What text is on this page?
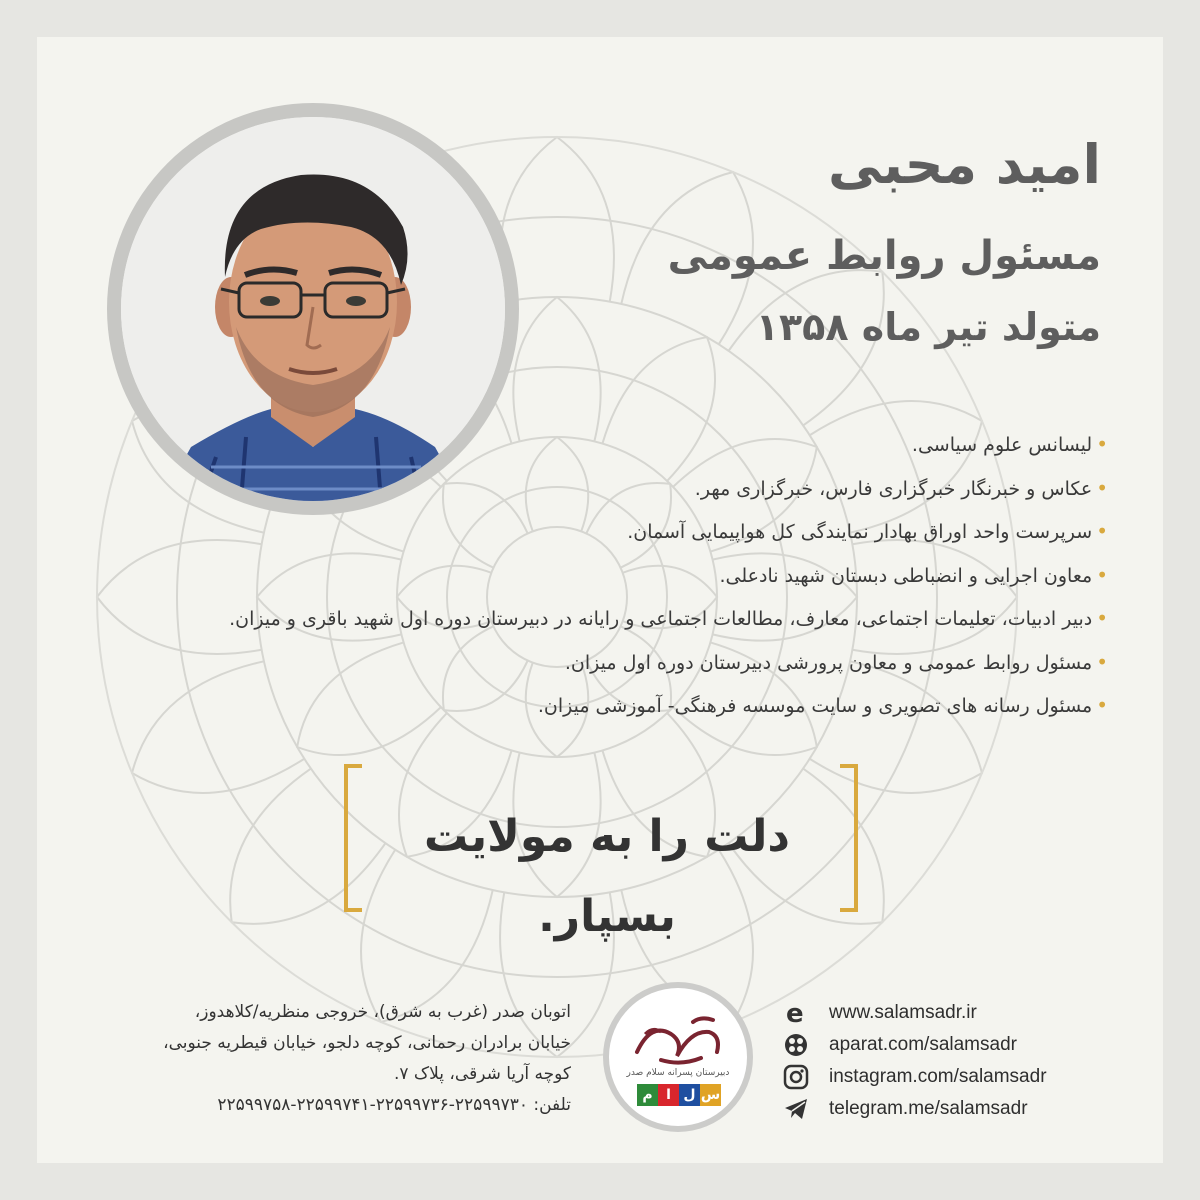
امید محبی
مسئول روابط عمومی
متولد تیر ماه ۱۳۵۸
•لیسانس علوم سیاسی.
•عکاس و خبرنگار خبرگزاری فارس، خبرگزاری مهر.
•سرپرست واحد اوراق بهادار نمایندگی کل هواپیمایی آسمان.
•معاون اجرایی و انضباطی دبستان شهید نادعلی.
•دبیر ادبیات، تعلیمات اجتماعی، معارف، مطالعات اجتماعی و رایانه در دبیرستان دوره اول شهید باقری و میزان.
•مسئول روابط عمومی و معاون پرورشی دبیرستان دوره اول میزان.
•مسئول رسانه های تصویری و سایت موسسه فرهنگی- آموزشی میزان.
دلت را به مولایت بسپار.
اتوبان صدر (غرب به شرق)، خروجی منظریه/کلاهدوز،
خیابان برادران رحمانی، کوچه دلجو، خیابان قیطریه جنوبی،
کوچه آریا شرقی، پلاک ۷.
تلفن: ۲۲۵۹۹۷۳۰-۲۲۵۹۹۷۳۶-۲۲۵۹۹۷۴۱-۲۲۵۹۹۷۵۸
دبیرستان پسرانه سلام صدر
م ا ل س
e www.salamsadr.ir
aparat.com/salamsadr
instagram.com/salamsadr
telegram.me/salamsadr
